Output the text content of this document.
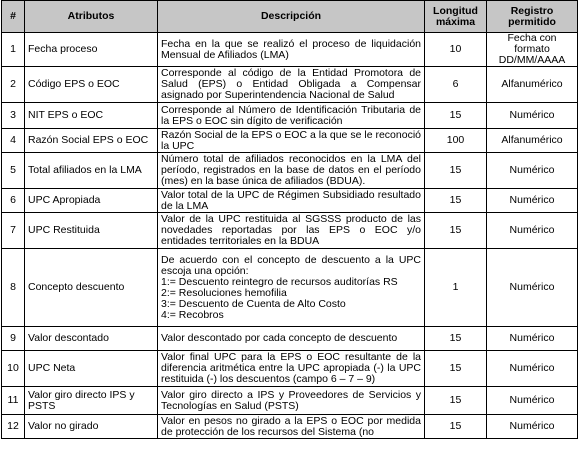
#	Atributos	Descripción	Longitud máxima	Registro permitido
1	Fecha proceso	Fecha en la que se realizó el proceso de liquidación Mensual de Afiliados (LMA)	10	Fecha con formato DD/MM/AAAA
2	Código EPS o EOC	Corresponde al código de la Entidad Promotora de Salud (EPS) o Entidad Obligada a Compensar asignado por Superintendencia Nacional de Salud	6	Alfanumérico
3	NIT EPS o EOC	Corresponde al Número de Identificación Tributaria de la EPS o EOC sin dígito de verificación	15	Numérico
4	Razón Social EPS o EOC	Razón Social de la EPS o EOC a la que se le reconoció la UPC	100	Alfanumérico
5	Total afiliados en la LMA	Número total de afiliados reconocidos en la LMA del período, registrados en la base de datos en el período (mes) en la base única de afiliados (BDUA).	15	Numérico
6	UPC Apropiada	Valor total de la UPC de Régimen Subsidiado resultado de la LMA	15	Numérico
7	UPC Restituida	Valor de la UPC restituida al SGSSS producto de las novedades reportadas por las EPS o EOC y/o entidades territoriales en la BDUA	15	Numérico
8	Concepto descuento	De acuerdo con el concepto de descuento a la UPC escoja una opción:
1:= Descuento reintegro de recursos auditorías RS
2:= Resoluciones hemofilia
3:= Descuento de Cuenta de Alto Costo
4:= Recobros	1	Numérico
9	Valor descontado	Valor descontado por cada concepto de descuento	15	Numérico
10	UPC Neta	Valor final UPC para la EPS o EOC resultante de la diferencia aritmética entre la UPC apropiada (-) la UPC restituida (-) los descuentos (campo 6 – 7 – 9)	15	Numérico
11	Valor giro directo IPS y PSTS	Valor giro directo a IPS y Proveedores de Servicios y Tecnologías en Salud (PSTS)	15	Numérico
12	Valor no girado	Valor en pesos no girado a la EPS o EOC por medida de protección de los recursos del Sistema (no	15	Numérico
